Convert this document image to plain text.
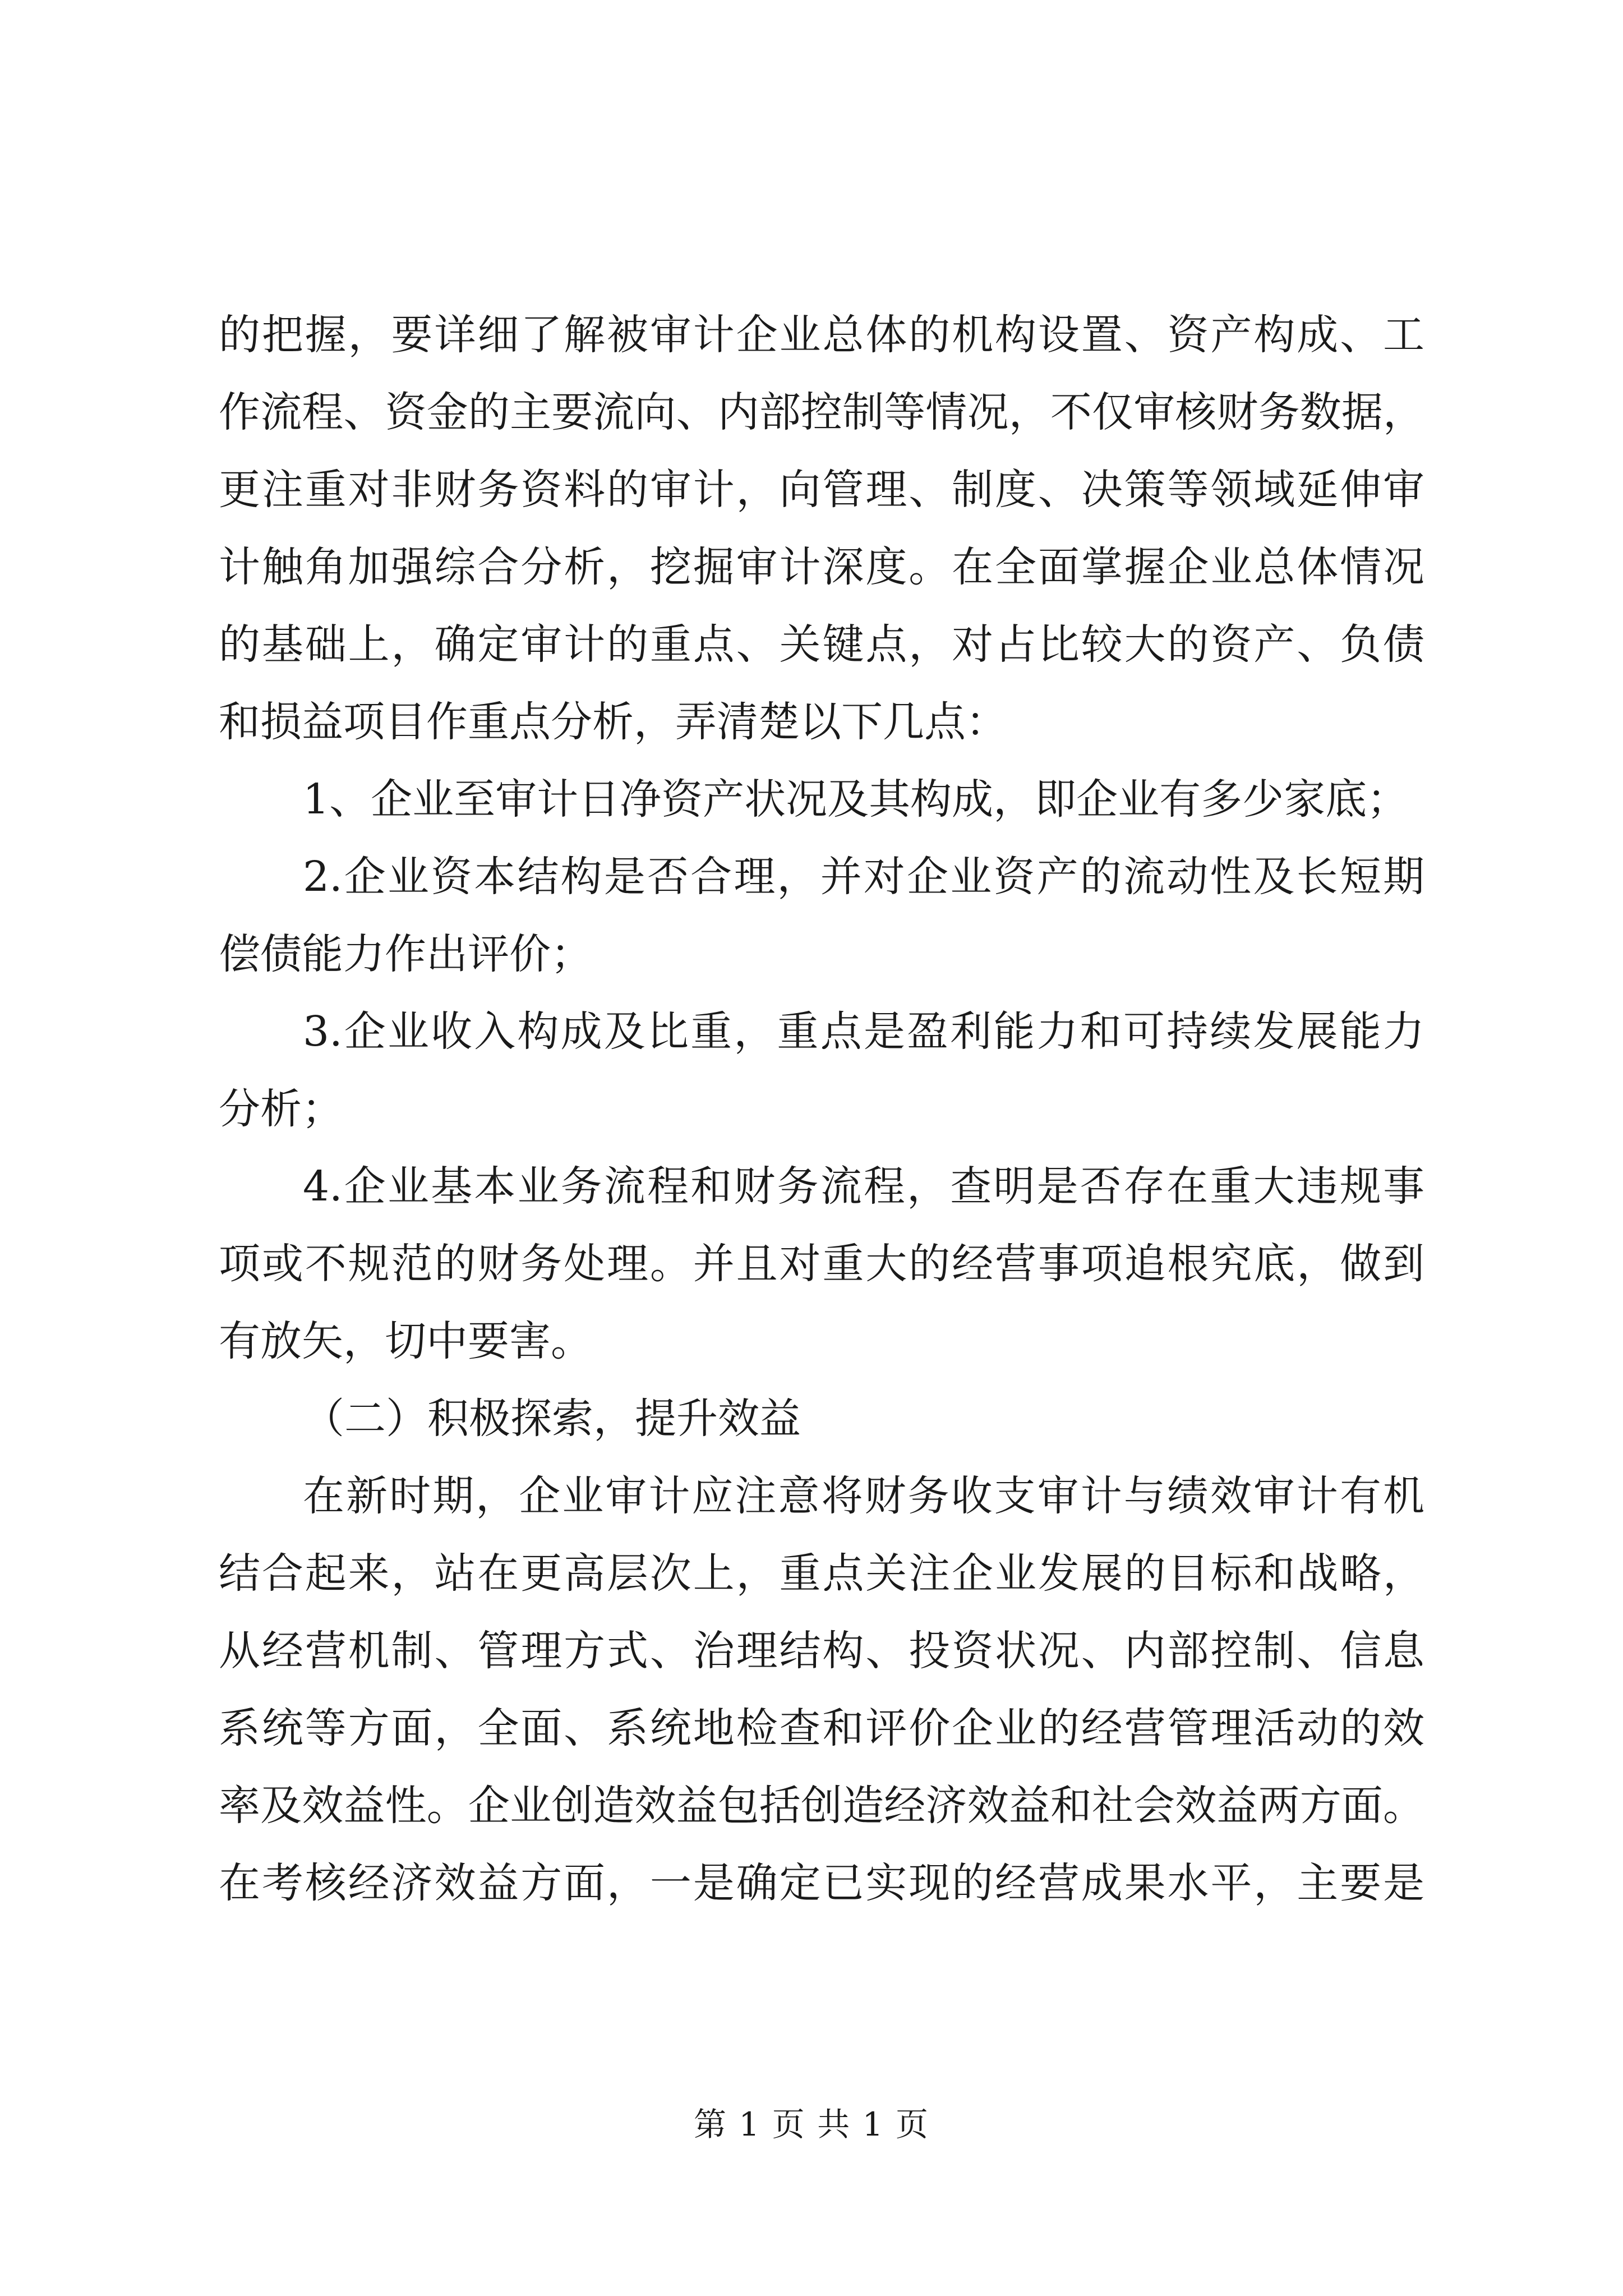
的把握，要详细了解被审计企业总体的机构设置、资产构成、工
作流程、资金的主要流向、内部控制等情况，不仅审核财务数据，
更注重对非财务资料的审计，向管理、制度、决策等领域延伸审
计触角加强综合分析，挖掘审计深度。在全面掌握企业总体情况
的基础上，确定审计的重点、关键点，对占比较大的资产、负债
和损益项目作重点分析，弄清楚以下几点：
1、企业至审计日净资产状况及其构成，即企业有多少家底；
2.企业资本结构是否合理，并对企业资产的流动性及长短期
偿债能力作出评价；
3.企业收入构成及比重，重点是盈利能力和可持续发展能力
分析；
4.企业基本业务流程和财务流程，查明是否存在重大违规事
项或不规范的财务处理。并且对重大的经营事项追根究底，做到
有放矢，切中要害。
（二）积极探索，提升效益
在新时期，企业审计应注意将财务收支审计与绩效审计有机
结合起来，站在更高层次上，重点关注企业发展的目标和战略，
从经营机制、管理方式、治理结构、投资状况、内部控制、信息
系统等方面，全面、系统地检查和评价企业的经营管理活动的效
率及效益性。企业创造效益包括创造经济效益和社会效益两方面。
在考核经济效益方面，一是确定已实现的经营成果水平，主要是
第 1 页 共 1 页
